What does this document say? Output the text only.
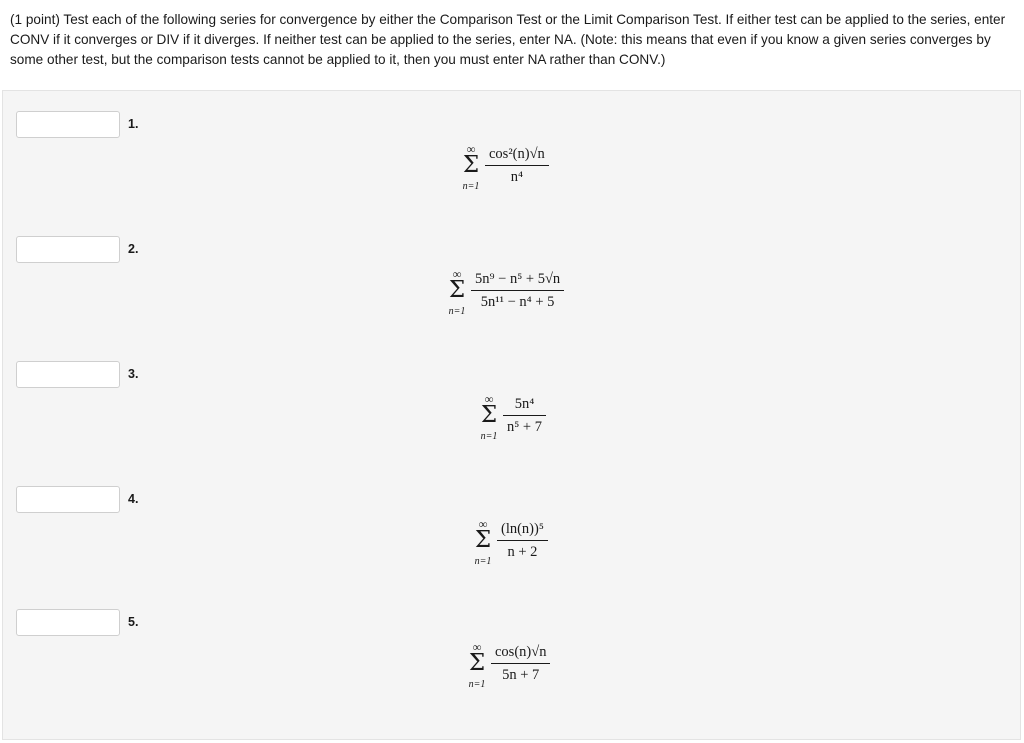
(1 point) Test each of the following series for convergence by either the Comparison Test or the Limit Comparison Test. If either test can be applied to the series, enter CONV if it converges or DIV if it diverges. If neither test can be applied to the series, enter NA. (Note: this means that even if you know a given series converges by some other test, but the comparison tests cannot be applied to it, then you must enter NA rather than CONV.)
1.
∞
Σ
n=1
cos²(n)√n
n⁴
2.
∞
Σ
n=1
5n⁹ − n⁵ + 5√n
5n¹¹ − n⁴ + 5
3.
∞
Σ
n=1
5n⁴
n⁵ + 7
4.
∞
Σ
n=1
(ln(n))⁵
n + 2
5.
∞
Σ
n=1
cos(n)√n
5n + 7
